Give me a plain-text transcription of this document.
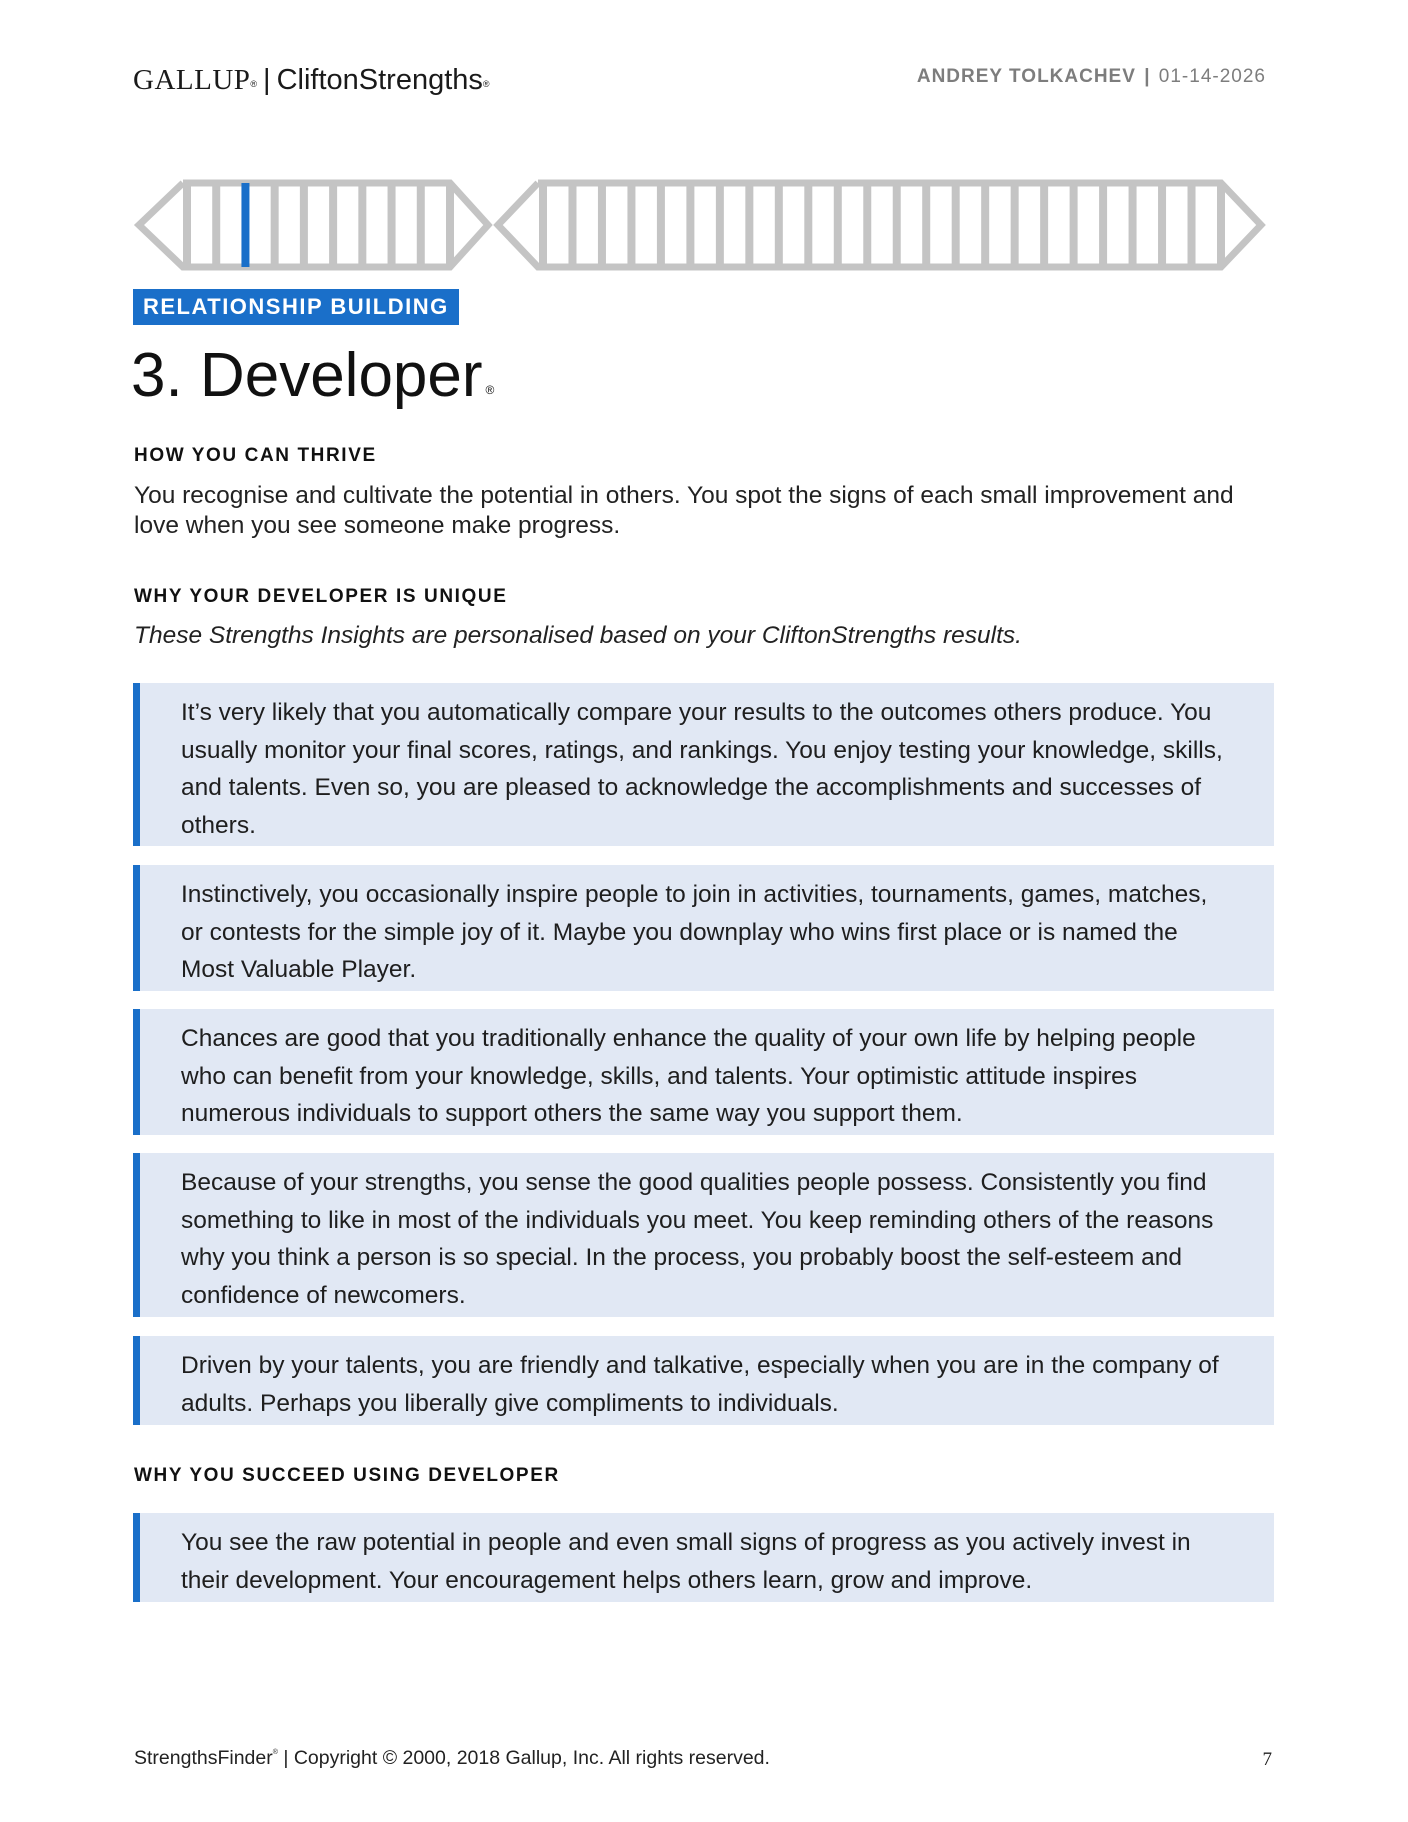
GALLUP® | CliftonStrengths®	ANDREY TOLKACHEV | 01-14-2026
RELATIONSHIP BUILDING
3. Developer ®
HOW YOU CAN THRIVE
You recognise and cultivate the potential in others. You spot the signs of each small improvement and love when you see someone make progress.
WHY YOUR DEVELOPER IS UNIQUE
These Strengths Insights are personalised based on your CliftonStrengths results.
It’s very likely that you automatically compare your results to the outcomes others produce. You usually monitor your final scores, ratings, and rankings. You enjoy testing your knowledge, skills, and talents. Even so, you are pleased to acknowledge the accomplishments and successes of others.
Instinctively, you occasionally inspire people to join in activities, tournaments, games, matches, or contests for the simple joy of it. Maybe you downplay who wins first place or is named the Most Valuable Player.
Chances are good that you traditionally enhance the quality of your own life by helping people who can benefit from your knowledge, skills, and talents. Your optimistic attitude inspires numerous individuals to support others the same way you support them.
Because of your strengths, you sense the good qualities people possess. Consistently you find something to like in most of the individuals you meet. You keep reminding others of the reasons why you think a person is so special. In the process, you probably boost the self-esteem and confidence of newcomers.
Driven by your talents, you are friendly and talkative, especially when you are in the company of adults. Perhaps you liberally give compliments to individuals.
WHY YOU SUCCEED USING DEVELOPER
You see the raw potential in people and even small signs of progress as you actively invest in their development. Your encouragement helps others learn, grow and improve.
StrengthsFinder® | Copyright © 2000, 2018 Gallup, Inc. All rights reserved.	7
